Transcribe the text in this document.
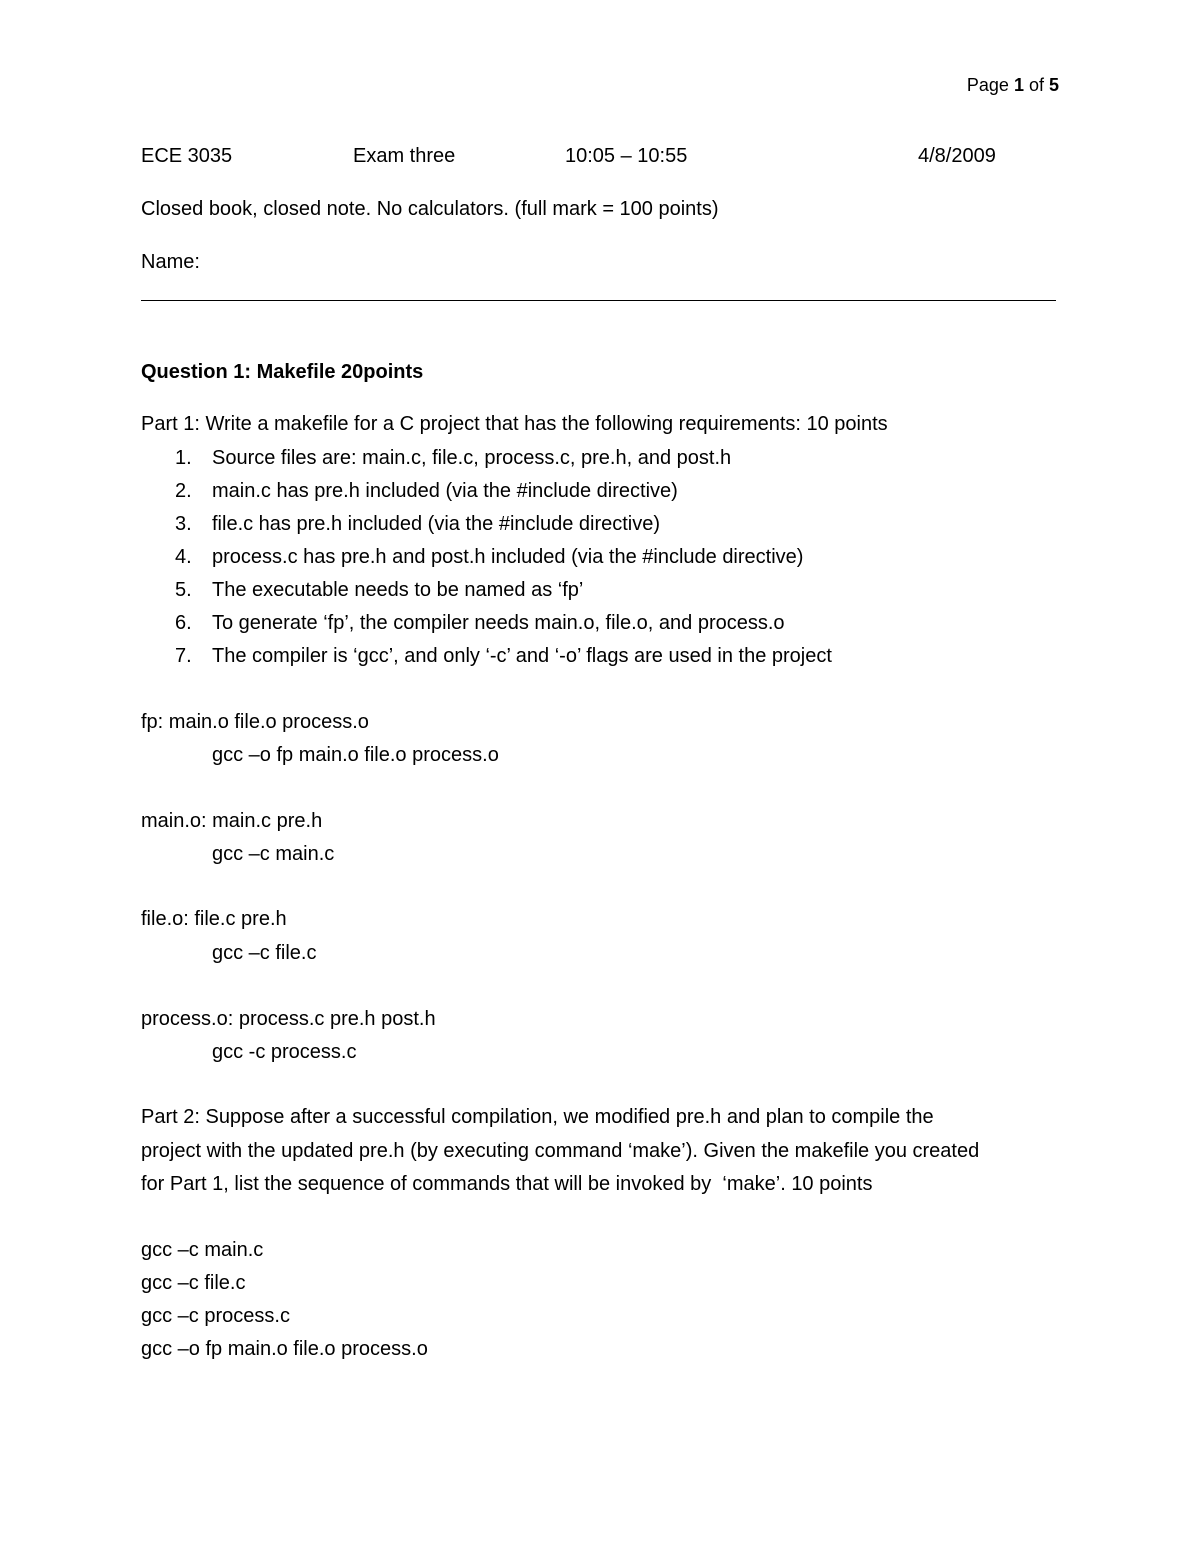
Page 1 of 5
ECE 3035	Exam three	10:05 – 10:55	4/8/2009
Closed book, closed note. No calculators. (full mark = 100 points)
Name:
Question 1: Makefile 20points
Part 1: Write a makefile for a C project that has the following requirements: 10 points
1.	Source files are: main.c, file.c, process.c, pre.h, and post.h
2.	main.c has pre.h included (via the #include directive)
3.	file.c has pre.h included (via the #include directive)
4.	process.c has pre.h and post.h included (via the #include directive)
5.	The executable needs to be named as ‘fp’
6.	To generate ‘fp’, the compiler needs main.o, file.o, and process.o
7.	The compiler is ‘gcc’, and only ‘-c’ and ‘-o’ flags are used in the project
fp: main.o file.o process.o
gcc –o fp main.o file.o process.o
main.o: main.c pre.h
gcc –c main.c
file.o: file.c pre.h
gcc –c file.c
process.o: process.c pre.h post.h
gcc -c process.c
Part 2: Suppose after a successful compilation, we modified pre.h and plan to compile the
project with the updated pre.h (by executing command ‘make’). Given the makefile you created
for Part 1, list the sequence of commands that will be invoked by  ‘make’. 10 points
gcc –c main.c
gcc –c file.c
gcc –c process.c
gcc –o fp main.o file.o process.o
